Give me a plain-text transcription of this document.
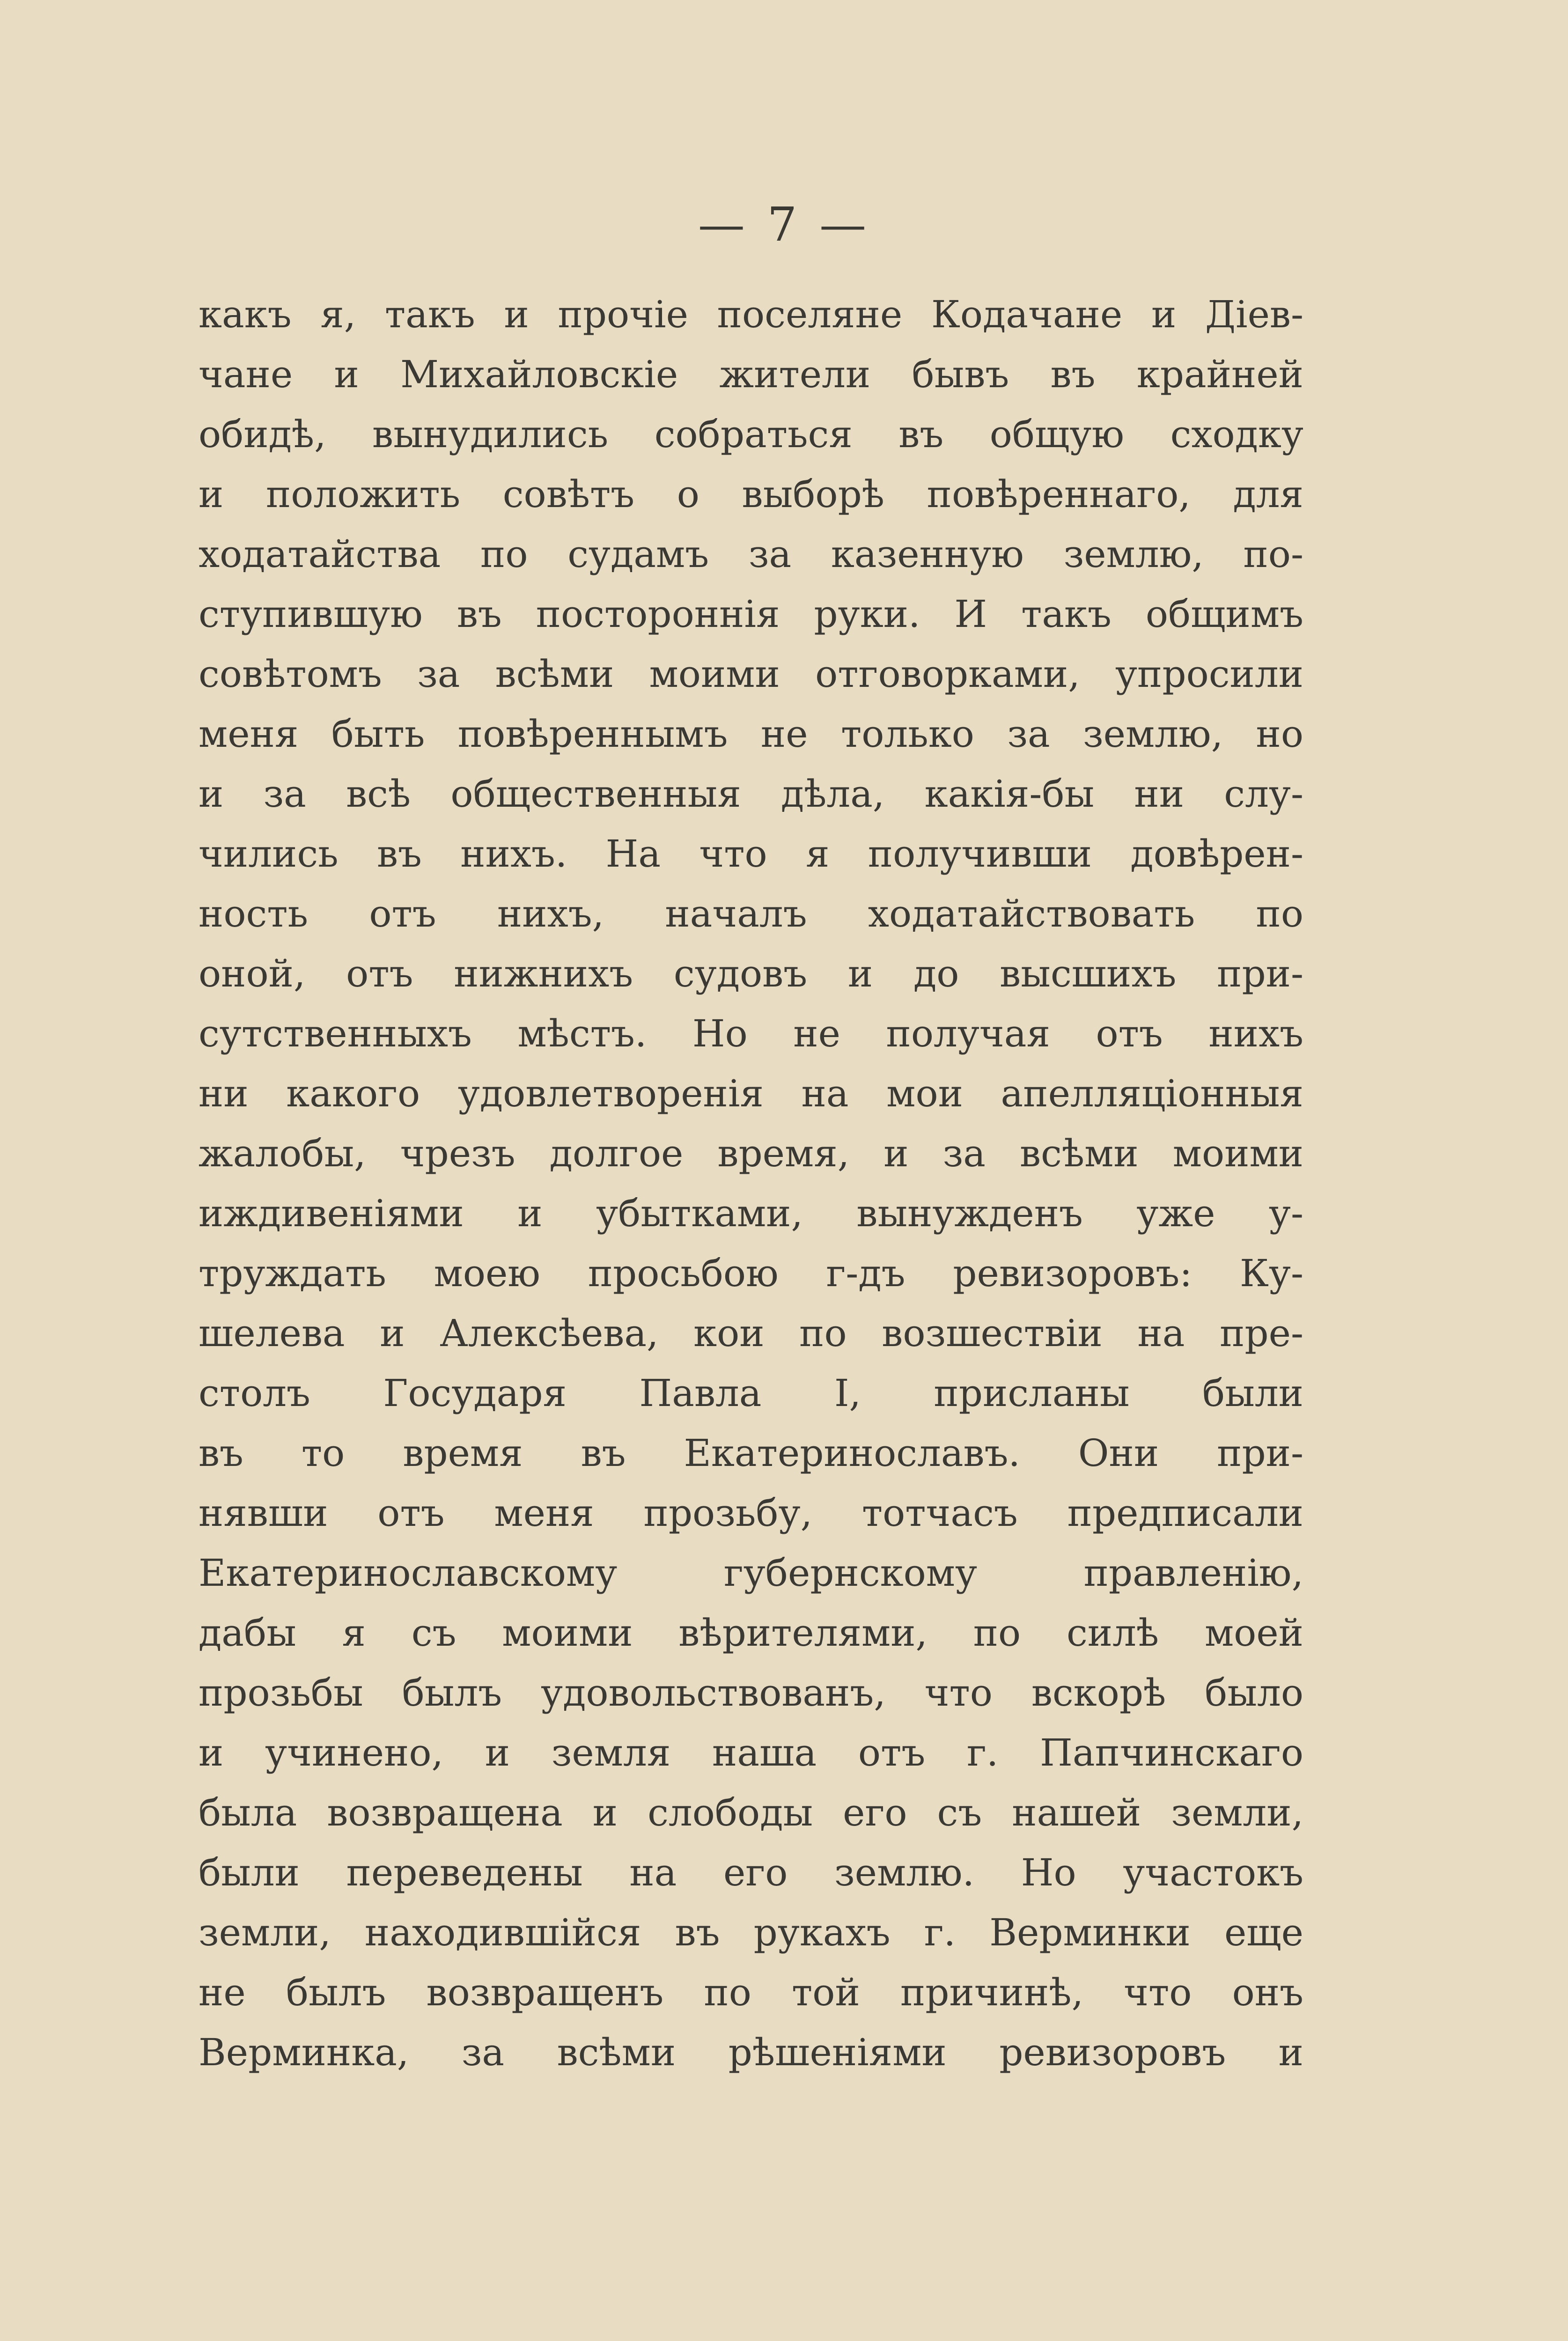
— 7 —
какъ я, такъ и прочіе поселяне Кодачане и Діев-
чане и Михайловскіе жители бывъ въ крайней
обидѣ, вынудились собраться въ общую сходку
и положить совѣтъ о выборѣ повѣреннаго, для
ходатайства по судамъ за казенную землю, по-
ступившую въ постороннія руки. И такъ общимъ
совѣтомъ за всѣми моими отговорками, упросили
меня быть повѣреннымъ не только за землю, но
и за всѣ общественныя дѣла, какія-бы ни слу-
чились въ нихъ. На что я получивши довѣрен-
ность отъ нихъ, началъ ходатайствовать по
оной, отъ нижнихъ судовъ и до высшихъ при-
сутственныхъ мѣстъ. Но не получая отъ нихъ
ни какого удовлетворенія на мои апелляціонныя
жалобы, чрезъ долгое время, и за всѣми моими
иждивеніями и убытками, вынужденъ уже у-
труждать моею просьбою г-дъ ревизоровъ: Ку-
шелева и Алексѣева, кои по возшествіи на пре-
столъ Государя Павла I, присланы были
въ то время въ Екатеринославъ. Они при-
нявши отъ меня прозьбу, тотчасъ предписали
Екатеринославскому губернскому правленію,
дабы я съ моими вѣрителями, по силѣ моей
прозьбы былъ удовольствованъ, что вскорѣ было
и учинено, и земля наша отъ г. Папчинскаго
была возвращена и слободы его съ нашей земли,
были переведены на его землю. Но участокъ
земли, находившійся въ рукахъ г. Верминки еще
не былъ возвращенъ по той причинѣ, что онъ
Верминка, за всѣми рѣшеніями ревизоровъ и
